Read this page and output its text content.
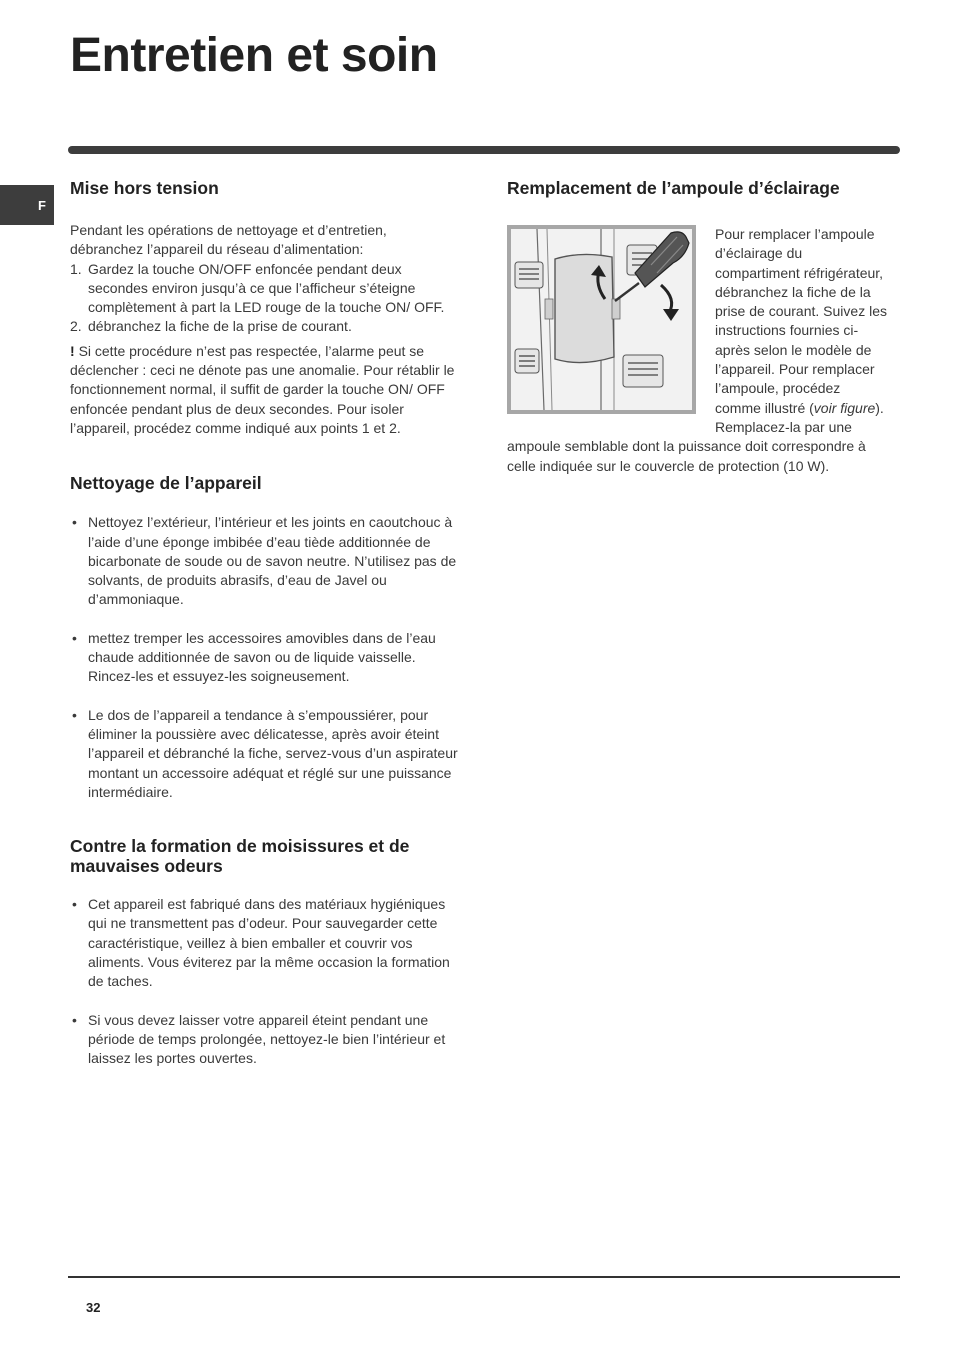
Entretien et soin
F
Mise hors tension

Pendant les opérations de nettoyage et d’entretien, débranchez l’appareil du réseau d’alimentation:

1. Gardez la touche ON/OFF enfoncée pendant deux secondes environ jusqu’à ce que l’afficheur s’éteigne complètement à part la LED rouge de la touche ON/ OFF.
2. débranchez la fiche de la prise de courant.

! Si cette procédure n’est pas respectée, l’alarme peut se déclencher : ceci ne dénote pas une anomalie. Pour rétablir le fonctionnement normal, il suffit de garder la touche ON/ OFF enfoncée pendant plus de deux secondes. Pour isoler l’appareil, procédez comme indiqué aux points 1 et 2.

Nettoyage de l’appareil
• Nettoyez l’extérieur, l’intérieur et les joints en caoutchouc à l’aide d’une éponge imbibée d’eau tiède additionnée de bicarbonate de soude ou de savon neutre. N’utilisez pas de solvants, de produits abrasifs, d’eau de Javel ou d’ammoniaque.
• mettez tremper les accessoires amovibles dans de l’eau chaude additionnée de savon ou de liquide vaisselle. Rincez-les et essuyez-les soigneusement.
• Le dos de l’appareil a tendance à s’empoussiérer, pour éliminer la poussière avec délicatesse, après avoir éteint l’appareil et débranché la fiche, servez-vous d’un aspirateur montant un accessoire adéquat et réglé sur une puissance intermédiaire.
Contre la formation de moisissures et de mauvaises odeurs
• Cet appareil est fabriqué dans des matériaux hygiéniques qui ne transmettent pas d’odeur. Pour sauvegarder cette caractéristique, veillez à bien emballer et couvrir vos aliments. Vous éviterez par la même occasion la formation de taches.
• Si vous devez laisser votre appareil éteint pendant une période de temps prolongée, nettoyez-le bien l’intérieur et laissez les portes ouvertes.
Remplacement de l’ampoule d’éclairage

Pour remplacer l’ampoule d’éclairage du compartiment réfrigérateur, débranchez la fiche de la prise de courant. Suivez les instructions fournies ci-après selon le modèle de l’appareil. Pour remplacer l’ampoule, procédez comme illustré (voir figure). Remplacez-la par une ampoule semblable dont la puissance doit correspondre à celle indiquée sur le couvercle de protection (10 W).

32
